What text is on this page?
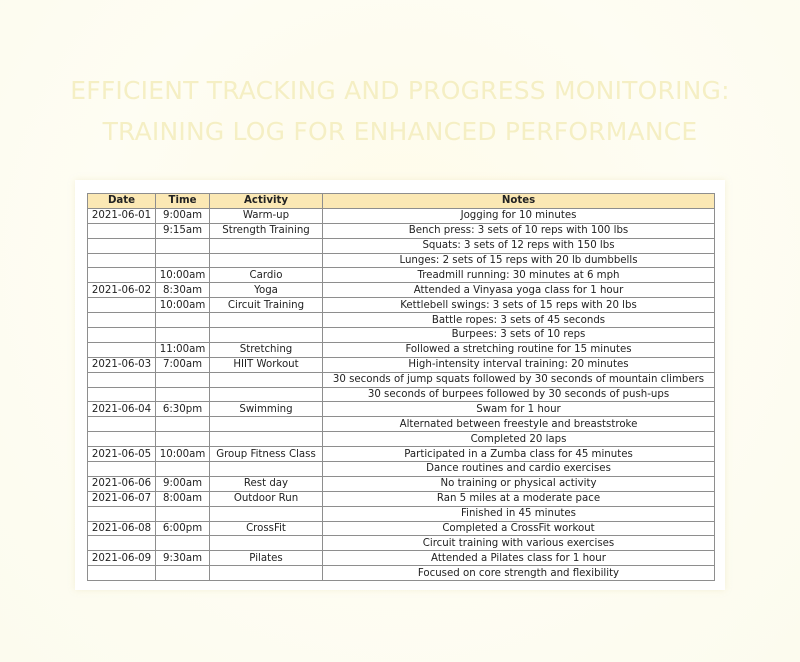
EFFICIENT TRACKING AND PROGRESS MONITORING:
TRAINING LOG FOR ENHANCED PERFORMANCE
Date	Time	Activity	Notes
2021-06-01	9:00am	Warm-up	Jogging for 10 minutes
	9:15am	Strength Training	Bench press: 3 sets of 10 reps with 100 lbs
			Squats: 3 sets of 12 reps with 150 lbs
			Lunges: 2 sets of 15 reps with 20 lb dumbbells
	10:00am	Cardio	Treadmill running: 30 minutes at 6 mph
2021-06-02	8:30am	Yoga	Attended a Vinyasa yoga class for 1 hour
	10:00am	Circuit Training	Kettlebell swings: 3 sets of 15 reps with 20 lbs
			Battle ropes: 3 sets of 45 seconds
			Burpees: 3 sets of 10 reps
	11:00am	Stretching	Followed a stretching routine for 15 minutes
2021-06-03	7:00am	HIIT Workout	High-intensity interval training: 20 minutes
			30 seconds of jump squats followed by 30 seconds of mountain climbers
			30 seconds of burpees followed by 30 seconds of push-ups
2021-06-04	6:30pm	Swimming	Swam for 1 hour
			Alternated between freestyle and breaststroke
			Completed 20 laps
2021-06-05	10:00am	Group Fitness Class	Participated in a Zumba class for 45 minutes
			Dance routines and cardio exercises
2021-06-06	9:00am	Rest day	No training or physical activity
2021-06-07	8:00am	Outdoor Run	Ran 5 miles at a moderate pace
			Finished in 45 minutes
2021-06-08	6:00pm	CrossFit	Completed a CrossFit workout
			Circuit training with various exercises
2021-06-09	9:30am	Pilates	Attended a Pilates class for 1 hour
			Focused on core strength and flexibility
